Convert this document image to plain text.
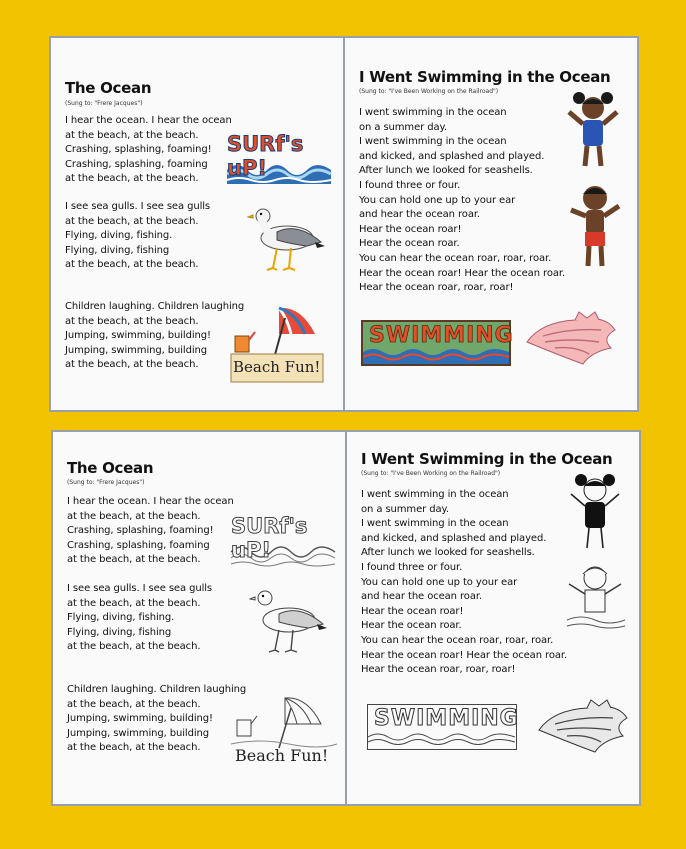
The Ocean
(Sung to: "Frere Jacques")
I hear the ocean. I hear the ocean
at the beach, at the beach.
Crashing, splashing, foaming!
Crashing, splashing, foaming
at the beach, at the beach.
I see sea gulls. I see sea gulls
at the beach, at the beach.
Flying, diving, fishing.
Flying, diving, fishing
at the beach, at the beach.
Children laughing. Children laughing
at the beach, at the beach.
Jumping, swimming, building!
Jumping, swimming, building
at the beach, at the beach.
SURf's uP!
Beach Fun!
I Went Swimming in the Ocean
(Sung to: "I've Been Working on the Railroad")
I went swimming in the ocean
on a summer day.
I went swimming in the ocean
and kicked, and splashed and played.
After lunch we looked for seashells.
I found three or four.
You can hold one up to your ear
and hear the ocean roar.
Hear the ocean roar!
Hear the ocean roar.
You can hear the ocean roar, roar, roar.
Hear the ocean roar! Hear the ocean roar.
Hear the ocean roar, roar, roar!
SWIMMING
The Ocean
(Sung to: "Frere Jacques")
I hear the ocean. I hear the ocean
at the beach, at the beach.
Crashing, splashing, foaming!
Crashing, splashing, foaming
at the beach, at the beach.
I see sea gulls. I see sea gulls
at the beach, at the beach.
Flying, diving, fishing.
Flying, diving, fishing
at the beach, at the beach.
Children laughing. Children laughing
at the beach, at the beach.
Jumping, swimming, building!
Jumping, swimming, building
at the beach, at the beach.
SURf's uP!
Beach Fun!
I Went Swimming in the Ocean
(Sung to: "I've Been Working on the Railroad")
I went swimming in the ocean
on a summer day.
I went swimming in the ocean
and kicked, and splashed and played.
After lunch we looked for seashells.
I found three or four.
You can hold one up to your ear
and hear the ocean roar.
Hear the ocean roar!
Hear the ocean roar.
You can hear the ocean roar, roar, roar.
Hear the ocean roar! Hear the ocean roar.
Hear the ocean roar, roar, roar!
SWIMMING
